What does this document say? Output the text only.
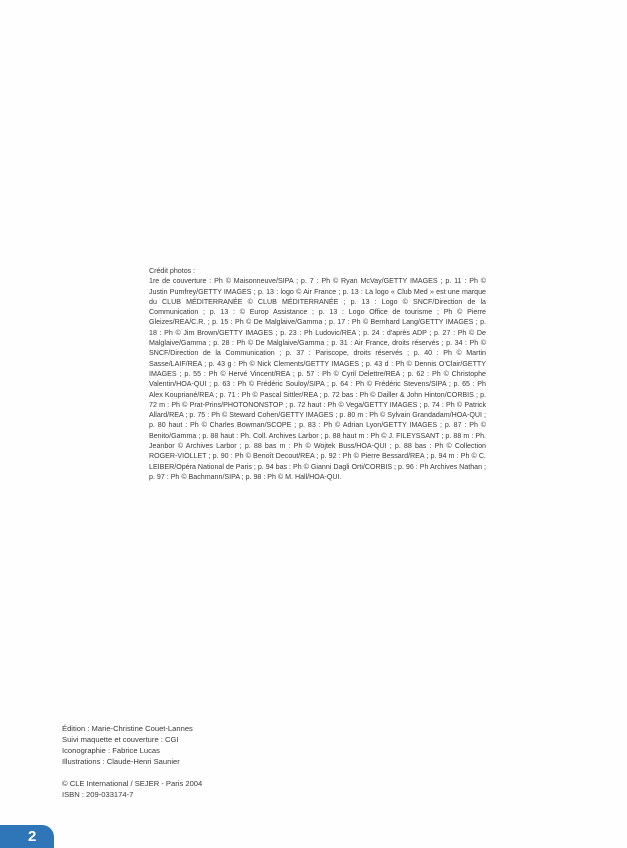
Crédit photos :
1re de couverture : Ph © Maisonneuve/SIPA ; p. 7 : Ph © Ryan McVay/GETTY IMAGES ; p. 11 : Ph © Justin Pumfrey/GETTY IMAGES ; p. 13 : logo © Air France ; p. 13 : La logo « Club Med » est une marque du CLUB MÉDITERRANÉE © CLUB MÉDITERRANÉE ; p. 13 : Logo © SNCF/Direction de la Communication ; p. 13 : © Europ Assistance ; p. 13 : Logo Office de tourisme ; Ph © Pierre Gleizes/REA/C.R. ; p. 15 : Ph © De Malglaive/Gamma ; p. 17 : Ph © Bernhard Lang/GETTY IMAGES ; p. 18 : Ph © Jim Brown/GETTY IMAGES ; p. 23 : Ph Ludovic/REA ; p. 24 : d'après ADP ; p. 27 : Ph © De Malglaive/Gamma ; p. 28 : Ph © De Malglaive/Gamma ; p. 31 : Air France, droits réservés ; p. 34 : Ph © SNCF/Direction de la Communication ; p. 37 : Pariscope, droits réservés ; p. 40 : Ph © Martin Sasse/LAIF/REA ; p. 43 g : Ph © Nick Clements/GETTY IMAGES ; p. 43 d : Ph © Dennis O'Clair/GETTY IMAGES ; p. 55 : Ph © Hervé Vincent/REA ; p. 57 : Ph © Cyril Delettre/REA ; p. 62 : Ph © Christophe Valentin/HOA-QUI ; p. 63 : Ph © Frédéric Souloy/SIPA ; p. 64 : Ph © Frédéric Stevens/SIPA ; p. 65 : Ph Alex Koupriané/REA ; p. 71 : Ph © Pascal Sittler/REA ; p. 72 bas : Ph © Dailler & John Hinton/CORBIS ; p. 72 m : Ph © Prat-Prins/PHOTONONSTOP ; p. 72 haut : Ph © Vega/GETTY IMAGES ; p. 74 : Ph © Patrick Allard/REA ; p. 75 : Ph © Steward Cohen/GETTY IMAGES ; p. 80 m : Ph © Sylvain Grandadam/HOA-QUI ; p. 80 haut : Ph © Charles Bowman/SCOPE ; p. 83 : Ph © Adrian Lyon/GETTY IMAGES ; p. 87 : Ph © Benito/Gamma ; p. 88 haut : Ph. Coll. Archives Larbor ; p. 88 haut m : Ph © J. FILEYSSANT ; p. 88 m : Ph. Jeanbor © Archives Larbor ; p. 88 bas m : Ph © Wojtek Buss/HOA-QUI ; p. 88 bas : Ph © Collection ROGER-VIOLLET ; p. 90 : Ph © Benoît Decout/REA ; p. 92 : Ph © Pierre Bessard/REA ; p. 94 m : Ph © C. LEIBER/Opéra National de Paris ; p. 94 bas : Ph © Gianni Dagli Orti/CORBIS ; p. 96 : Ph Archives Nathan ; p. 97 : Ph © Bachmann/SIPA ; p. 98 : Ph © M. Hall/HOA-QUI.
Édition : Marie-Christine Couet-Lannes
Suivi maquette et couverture : CGI
Iconographie : Fabrice Lucas
Illustrations : Claude-Henri Saunier
© CLE International / SEJER - Paris 2004
ISBN : 209-033174-7
2
